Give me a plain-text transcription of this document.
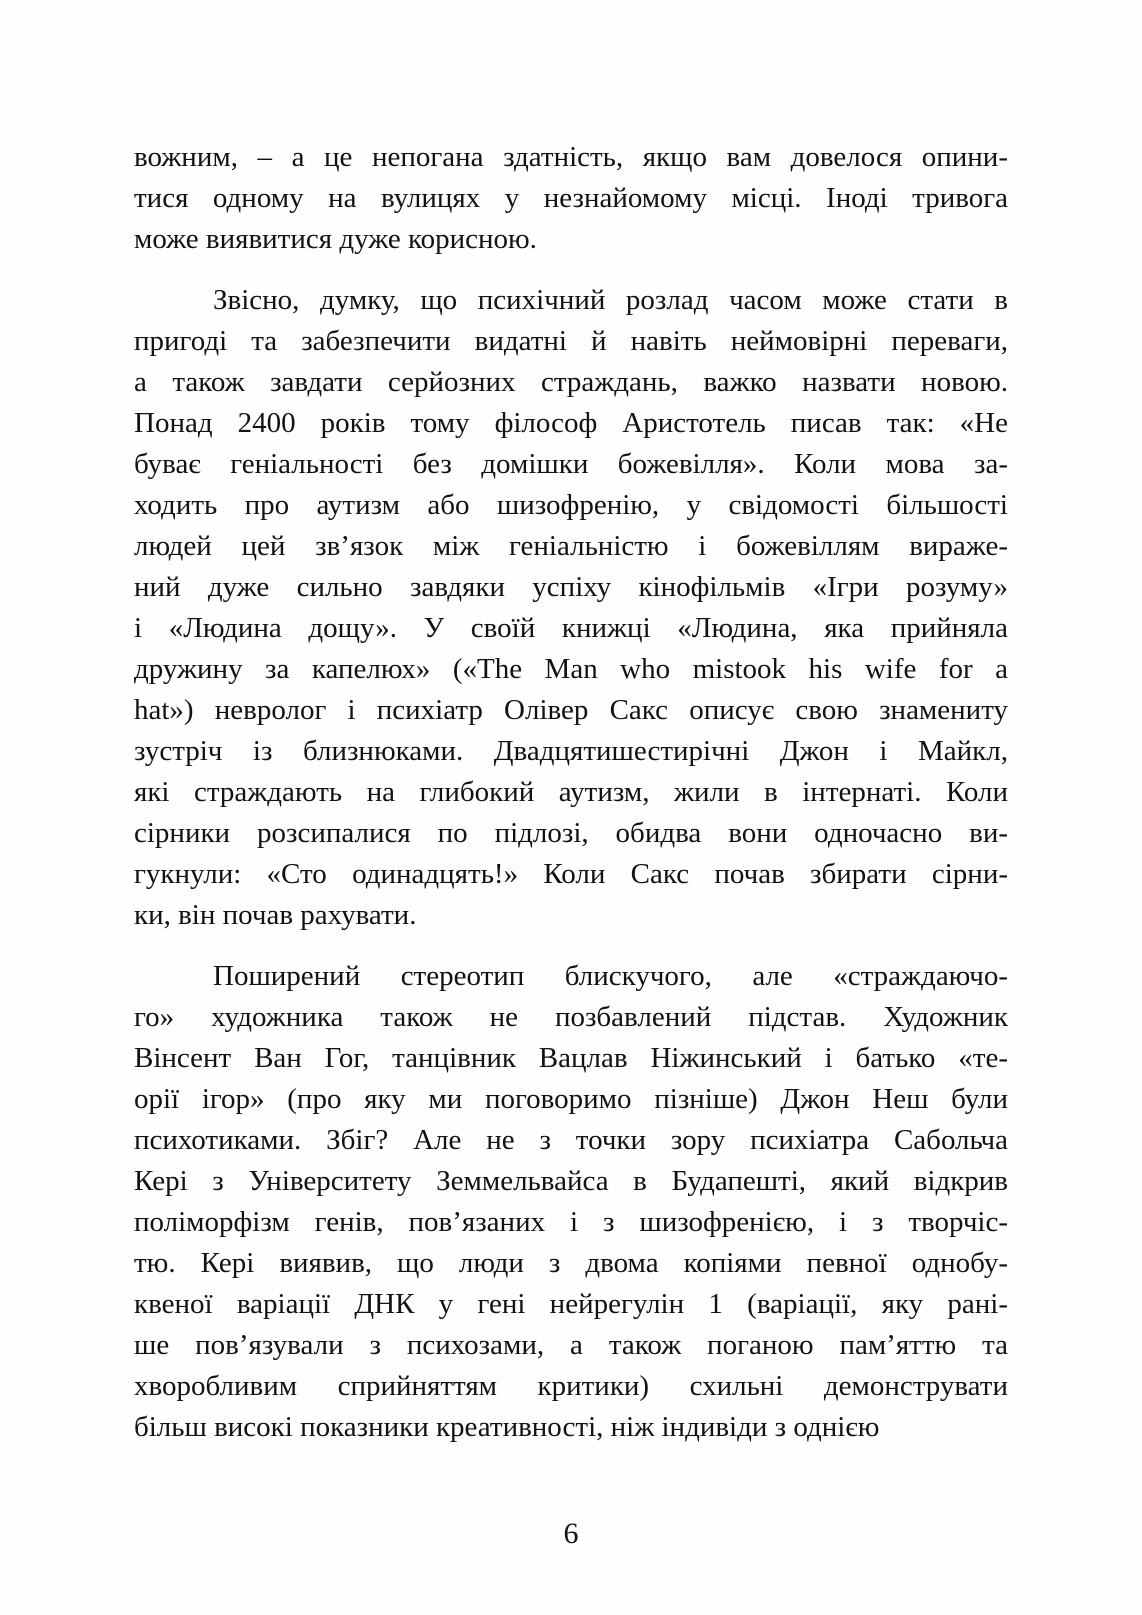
вожним, – а це непогана здатність, якщо вам довелося опини-
тися одному на вулицях у незнайомому місці. Іноді тривога
може виявитися дуже корисною.

Звісно, думку, що психічний розлад часом може стати в
пригоді та забезпечити видатні й навіть неймовірні переваги,
а також завдати серйозних страждань, важко назвати новою.
Понад 2400 років тому філософ Аристотель писав так: «Не
буває геніальності без домішки божевілля». Коли мова за-
ходить про аутизм або шизофренію, у свідомості більшості
людей цей зв’язок між геніальністю і божевіллям вираже-
ний дуже сильно завдяки успіху кінофільмів «Ігри розуму»
і «Людина дощу». У своїй книжці «Людина, яка прийняла
дружину за капелюх» («The Man who mistook his wife for a
hat») невролог і психіатр Олівер Сакс описує свою знамениту
зустріч із близнюками. Двадцятишестирічні Джон і Майкл,
які страждають на глибокий аутизм, жили в інтернаті. Коли
сірники розсипалися по підлозі, обидва вони одночасно ви-
гукнули: «Сто одинадцять!» Коли Сакс почав збирати сірни-
ки, він почав рахувати.

Поширений стереотип блискучого, але «страждаючо-
го» художника також не позбавлений підстав. Художник
Вінсент Ван Гог, танцівник Вацлав Ніжинський і батько «те-
орії ігор» (про яку ми поговоримо пізніше) Джон Неш були
психотиками. Збіг? Але не з точки зору психіатра Сабольча
Кері з Університету Земмельвайса в Будапешті, який відкрив
поліморфізм генів, пов’язаних і з шизофренією, і з творчіс-
тю. Кері виявив, що люди з двома копіями певної однобу-
квеної варіації ДНК у гені нейрегулін 1 (варіації, яку рані-
ше пов’язували з психозами, а також поганою пам’яттю та
хворобливим сприйняттям критики) схильні демонструвати
більш високі показники креативності, ніж індивіди з однією

6
